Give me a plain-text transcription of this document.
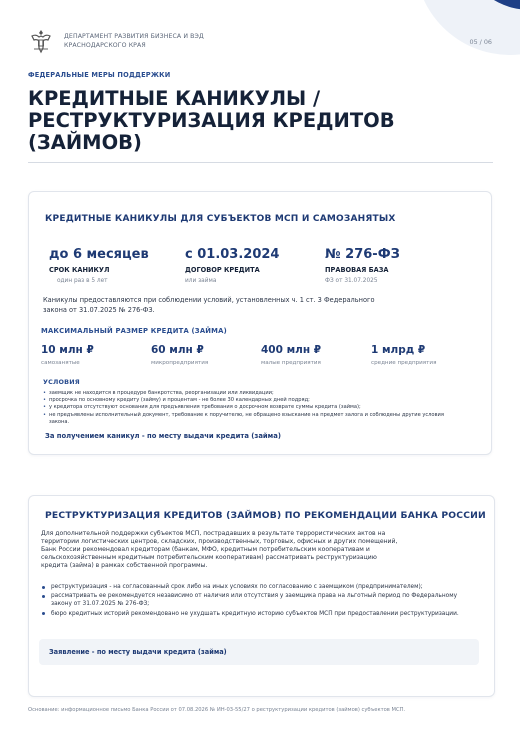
ДЕПАРТАМЕНТ РАЗВИТИЯ БИЗНЕСА И ВЭД
КРАСНОДАРСКОГО КРАЯ	05 / 06
ФЕДЕРАЛЬНЫЕ МЕРЫ ПОДДЕРЖКИ
КРЕДИТНЫЕ КАНИКУЛЫ /
РЕСТРУКТУРИЗАЦИЯ КРЕДИТОВ
(ЗАЙМОВ)
КРЕДИТНЫЕ КАНИКУЛЫ ДЛЯ СУБЪЕКТОВ МСП И САМОЗАНЯТЫХ
до 6 месяцев
СРОК КАНИКУЛ
один раз в 5 лет
с 01.03.2024
ДОГОВОР КРЕДИТА
или займа
№ 276-ФЗ
ПРАВОВАЯ БАЗА
ФЗ от 31.07.2025
Каникулы предоставляются при соблюдении условий, установленных ч. 1 ст. 3 Федерального
закона от 31.07.2025 № 276-ФЗ.
МАКСИМАЛЬНЫЙ РАЗМЕР КРЕДИТА (ЗАЙМА)
10 млн ₽
самозанятые
60 млн ₽
микропредприятия
400 млн ₽
малые предприятия
1 млрд ₽
средние предприятия
УСЛОВИЯ
• заемщик не находится в процедуре банкротства, реорганизации или ликвидации;
• просрочка по основному кредиту (займу) и процентам - не более 30 календарных дней подряд;
• у кредитора отсутствуют основания для предъявления требования о досрочном возврате суммы кредита (займа);
• не предъявлены исполнительный документ, требование к поручителю, не обращено взыскание на предмет залога и соблюдены другие условия
закона.
За получением каникул - по месту выдачи кредита (займа)
РЕСТРУКТУРИЗАЦИЯ КРЕДИТОВ (ЗАЙМОВ) ПО РЕКОМЕНДАЦИИ БАНКА РОССИИ
Для дополнительной поддержки субъектов МСП, пострадавших в результате террористических актов на
территории логистических центров, складских, производственных, торговых, офисных и других помещений,
Банк России рекомендовал кредиторам (банкам, МФО, кредитным потребительским кооперативам и
сельскохозяйственным кредитным потребительским кооперативам) рассматривать реструктуризацию
кредита (займа) в рамках собственной программы.
реструктуризация - на согласованный срок либо на иных условиях по согласованию с заемщиком (предпринимателем);
рассматривать ее рекомендуется независимо от наличия или отсутствия у заемщика права на льготный период по Федеральному
закону от 31.07.2025 № 276-ФЗ;
бюро кредитных историй рекомендовано не ухудшать кредитную историю субъектов МСП при предоставлении реструктуризации.
Заявление - по месту выдачи кредита (займа)
Основание: информационное письмо Банка России от 07.08.2026 № ИН-03-55/27 о реструктуризации кредитов (займов) субъектов МСП.
